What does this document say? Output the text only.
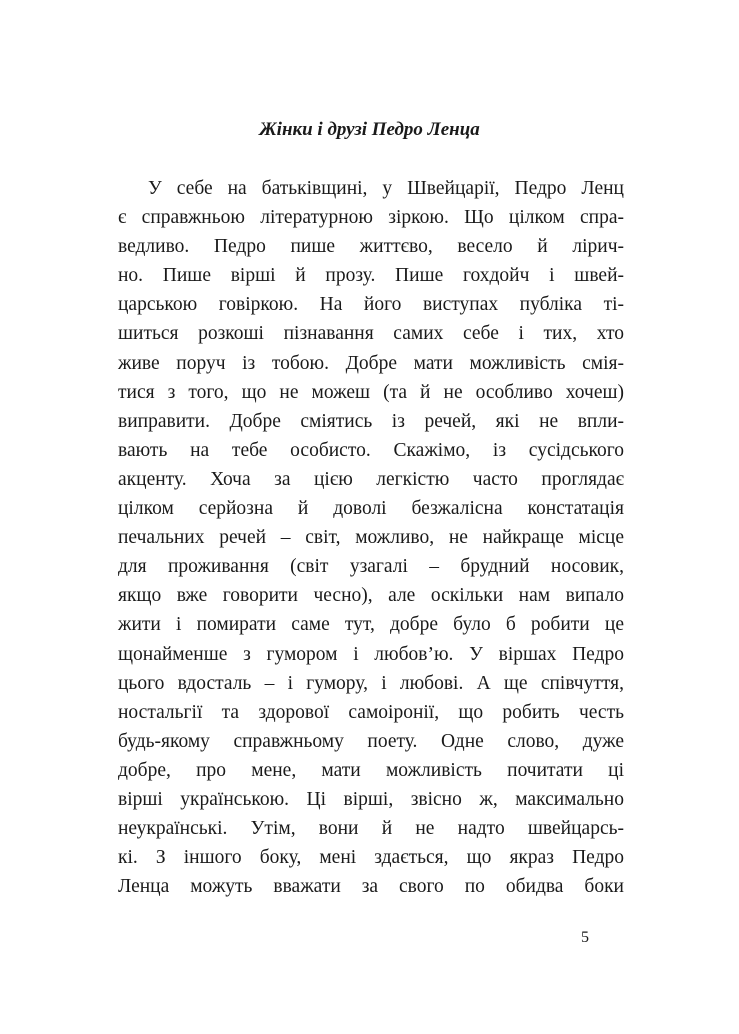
Жінки і друзі Педро Ленца
У себе на батьківщині, у Швейцарії, Педро Ленц
є справжньою літературною зіркою. Що цілком спра-
ведливо. Педро пише життєво, весело й лірич-
но. Пише вірші й прозу. Пише гохдойч і швей-
царською говіркою. На його виступах публіка ті-
шиться розкоші пізнавання самих себе і тих, хто
живе поруч із тобою. Добре мати можливість смія-
тися з того, що не можеш (та й не особливо хочеш)
виправити. Добре сміятись із речей, які не впли-
вають на тебе особисто. Скажімо, із сусідського
акценту. Хоча за цією легкістю часто проглядає
цілком серйозна й доволі безжалісна констатація
печальних речей – світ, можливо, не найкраще місце
для проживання (світ узагалі – брудний носовик,
якщо вже говорити чесно), але оскільки нам випало
жити і помирати саме тут, добре було б робити це
щонайменше з гумором і любов’ю. У віршах Педро
цього вдосталь – і гумору, і любові. А ще співчуття,
ностальгії та здорової самоіронії, що робить честь
будь-якому справжньому поету. Одне слово, дуже
добре, про мене, мати можливість почитати ці
вірші українською. Ці вірші, звісно ж, максимально
неукраїнські. Утім, вони й не надто швейцарсь-
кі. З іншого боку, мені здається, що якраз Педро
Ленца можуть вважати за свого по обидва боки
5
